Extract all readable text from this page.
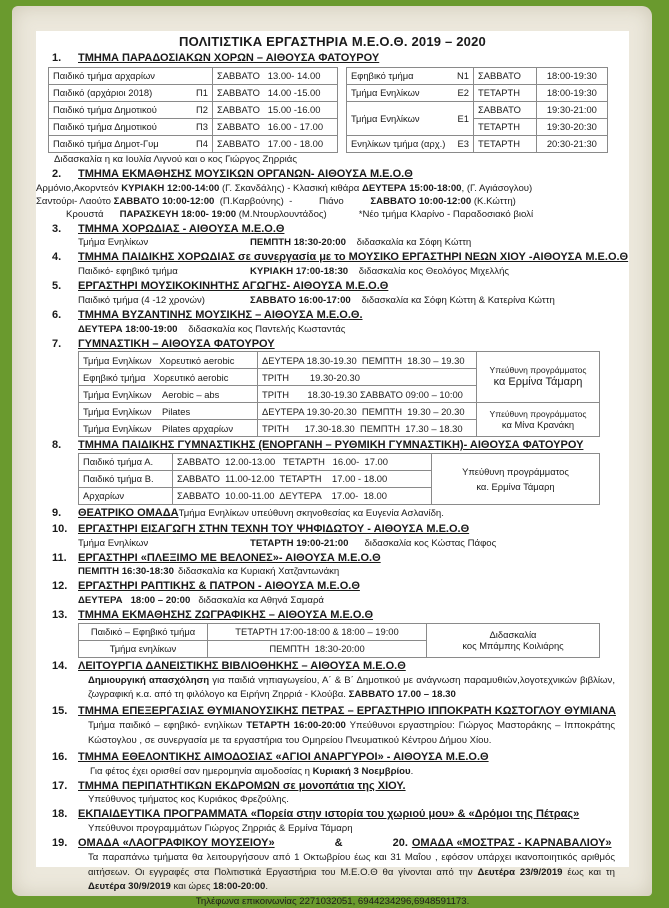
ΠΟΛΙΤΙΣΤΙΚΑ ΕΡΓΑΣΤΗΡΙΑ Μ.Ε.Ο.Θ. 2019 – 2020
1.	ΤΜΗΜΑ ΠΑΡΑΔΟΣΙΑΚΩΝ ΧΟΡΩΝ – ΑΙΘΟΥΣΑ ΦΑΤΟΥΡΟΥ
Παιδικό τμήμα αρχαρίων	ΣΑΒΒΑΤΟ 13.00- 14.00
Παιδικό (αρχάριοι 2018) Π1	ΣΑΒΒΑΤΟ 14.00 -15.00
Παιδικό τμήμα Δημοτικού Π2	ΣΑΒΒΑΤΟ 15.00 -16.00
Παιδικό τμήμα Δημοτικού Π3	ΣΑΒΒΑΤΟ 16.00 - 17.00
Παιδικό τμήμα Δημοτ-Γυμ Π4	ΣΑΒΒΑΤΟ 17.00 - 18.00
Εφηβικό τμήμα Ν1	ΣΑΒΒΑΤΟ	18:00-19:30
Τμήμα Ενηλίκων Ε2	ΤΕΤΑΡΤΗ	18:00-19:30
Τμήμα Ενηλίκων Ε1	ΣΑΒΒΑΤΟ	19:30-21:00
	ΤΕΤΑΡΤΗ	19:30-20:30
Ενηλίκων τμήμα (αρχ.) Ε3	ΤΕΤΑΡΤΗ	20:30-21:30
Διδασκαλία η κα Ιουλία Λιγνού και ο κος Γιώργος Ζηρριάς
2.	ΤΜΗΜΑ ΕΚΜΑΘΗΣΗΣ ΜΟΥΣΙΚΩΝ ΟΡΓΑΝΩΝ- ΑΙΘΟΥΣΑ Μ.Ε.Ο.Θ
Αρμόνιο,Ακορντεόν ΚΥΡΙΑΚΗ 12:00-14:00 (Γ. Σκανδάλης) - Κλασική κιθάρα ΔΕΥΤΕΡΑ 15:00-18:00, (Γ. Αγιάσογλου)
Σαντούρι- Λαούτο ΣΑΒΒΑΤΟ 10:00-12:00  (Π.Καρβούνης)  -          Πιάνο          ΣΑΒΒΑΤΟ 10:00-12:00 (Κ.Κώττη)
Κρουστά      ΠΑΡΑΣΚΕΥΗ 18:00- 19:00 (Μ.Ντουρλουντάδος)	*Νέο τμήμα Κλαρίνο - Παραδοσιακό βιολί
3.	ΤΜΗΜΑ ΧΟΡΩΔΙΑΣ - ΑΙΘΟΥΣΑ Μ.Ε.Ο.Θ
Τμήμα Ενηλίκων	ΠΕΜΠΤΗ 18:30-20:00 διδασκαλία κα Σόφη Κώττη
4.	ΤΜΗΜΑ ΠΑΙΔΙΚΗΣ ΧΟΡΩΔΙΑΣ σε συνεργασία με το ΜΟΥΣΙΚΟ ΕΡΓΑΣΤΗΡΙ ΝΕΩΝ ΧΙΟΥ -ΑΙΘΟΥΣΑ Μ.Ε.Ο.Θ
Παιδικό- εφηβικό τμήμα	ΚΥΡΙΑΚΗ 17:00-18:30 διδασκαλία κος Θεολόγος Μιχελλής
5.	ΕΡΓΑΣΤΗΡΙ ΜΟΥΣΙΚΟΚΙΝΗΤΗΣ ΑΓΩΓΗΣ- ΑΙΘΟΥΣΑ Μ.Ε.Ο.Θ
Παιδικό τμήμα (4 -12 χρονών)	ΣΑΒΒΑΤΟ 16:00-17:00 διδασκαλία κα Σόφη Κώττη & Κατερίνα Κώττη
6.	ΤΜΗΜΑ ΒΥΖΑΝΤΙΝΗΣ ΜΟΥΣΙΚΗΣ – ΑΙΘΟΥΣΑ Μ.Ε.Ο.Θ.
ΔΕΥΤΕΡΑ 18:00-19:00 διδασκαλία κος Παντελής Κωσταντάς
7.	ΓΥΜΝΑΣΤΙΚΗ – ΑΙΘΟΥΣΑ ΦΑΤΟΥΡΟΥ
Τμήμα Ενηλίκων   Χορευτικό aerobic	ΔΕΥΤΕΡΑ 18.30-19.30  ΠΕΜΠΤΗ  18.30 – 19.30	Υπεύθυνη προγράμματος
κα Ερμίνα Τάμαρη

Εφηβικό τμήμα   Χορευτικό aerobic	ΤΡΙΤΗ        19.30-20.30	
Τμήμα Ενηλίκων    Aerobic – abs	ΤΡΙΤΗ       18.30-19.30 ΣΑΒΒΑΤΟ 09:00 – 10:00	
Τμήμα Ενηλίκων    Pilates	ΔΕΥΤΕΡΑ 19.30-20.30  ΠΕΜΠΤΗ  19.30 – 20.30	Υπεύθυνη προγράμματος
κα Μίνα Κρανάκη

Τμήμα Ενηλίκων    Pilates αρχαρίων	ΤΡΙΤΗ      17.30-18.30  ΠΕΜΠΤΗ  17.30 – 18.30	
8.	ΤΜΗΜΑ ΠΑΙΔΙΚΗΣ ΓΥΜΝΑΣΤΙΚΗΣ (ΕΝΟΡΓΑΝΗ – ΡΥΘΜΙΚΗ ΓΥΜΝΑΣΤΙΚΗ)- ΑΙΘΟΥΣΑ ΦΑΤΟΥΡΟΥ
Παιδικό τμήμα Α.	ΣΑΒΒΑΤΟ  12.00-13.00   ΤΕΤΑΡΤΗ   16.00-  17.00	Υπεύθυνη προγράμματος
κα. Ερμίνα Τάμαρη

Παιδικό τμήμα Β.	ΣΑΒΒΑΤΟ  11.00-12.00  ΤΕΤΑΡΤΗ    17.00 - 18.00	
Αρχαρίων	ΣΑΒΒΑΤΟ  10.00-11.00  ΔΕΥΤΕΡΑ    17.00-  18.00	
9.	ΘΕΑΤΡΙΚΟ ΟΜΑΔΑ Τμήμα Ενηλίκων υπεύθυνη σκηνοθεσίας κα Ευγενία Ασλανίδη.
10. ΕΡΓΑΣΤΗΡΙ ΕΙΣΑΓΩΓΗ ΣΤΗΝ ΤΕΧΝΗ ΤΟΥ ΨΗΦΙΔΩΤΟΥ - ΑΙΘΟΥΣΑ Μ.Ε.Ο.Θ
Τμήμα Ενηλίκων	ΤΕΤΑΡΤΗ 19:00-21:00 διδασκαλία κος Κώστας Πάφος
11.	ΕΡΓΑΣΤΗΡΙ «ΠΛΕΞΙΜΟ ΜΕ ΒΕΛΟΝΕΣ»- ΑΙΘΟΥΣΑ Μ.Ε.Ο.Θ
ΠΕΜΠΤΗ 16:30-18:30 διδασκαλία κα Κυριακή Χατζαντωνάκη
12. ΕΡΓΑΣΤΗΡΙ ΡΑΠΤΙΚΗΣ & ΠΑΤΡΟΝ - ΑΙΘΟΥΣΑ Μ.Ε.Ο.Θ
ΔΕΥΤΕΡΑ   18:00 – 20:00 διδασκαλία κα Αθηνά Σαμαρά
13. ΤΜΗΜΑ ΕΚΜΑΘΗΣΗΣ ΖΩΓΡΑΦΙΚΗΣ – ΑΙΘΟΥΣΑ Μ.Ε.Ο.Θ
Παιδικό – Εφηβικό τμήμα	ΤΕΤΑΡΤΗ 17:00-18:00 & 18:00 – 19:00	Διδασκαλία
κος Μπάμπης Κοιλιάρης

Τμήμα ενηλίκων	ΠΕΜΠΤΗ  18:30-20:00	
14. ΛΕΙΤΟΥΡΓΙΑ ΔΑΝΕΙΣΤΙΚΗΣ ΒΙΒΛΙΟΘΗΚΗΣ – ΑΙΘΟΥΣΑ Μ.Ε.Ο.Θ
Δημιουργική απασχόληση για παιδιά νηπιαγωγείου, Α΄ & Β΄ Δημοτικού με ανάγνωση παραμυθιών,λογοτεχνικών βιβλίων, ζωγραφική κ.α. από τη φιλόλογο κα Ειρήνη Ζηρριά - Κλούβα. ΣΑΒΒΑΤΟ 17.00 – 18.30
15. ΤΜΗΜΑ ΕΠΕΞΕΡΓΑΣΙΑΣ ΘΥΜΙΑΝΟΥΣΙΚΗΣ ΠΕΤΡΑΣ – ΕΡΓΑΣΤΗΡΙΟ ΙΠΠΟΚΡΑΤΗ ΚΩΣΤΟΓΛΟΥ ΘΥΜΙΑΝΑ
Τμήμα παιδικό – εφηβικό- ενηλίκων ΤΕΤΑΡΤΗ 16:00-20:00 Υπεύθυνοι εργαστηρίου: Γιώργος Μαστοράκης – Ιπποκράτης Κώστογλου , σε συνεργασία με τα εργαστήρια του Ομηρείου Πνευματικού Κέντρου Δήμου Χίου.
16. ΤΜΗΜΑ ΕΘΕΛΟΝΤΙΚΗΣ ΑΙΜΟΔΟΣΙΑΣ «ΑΓΙΟΙ ΑΝΑΡΓΥΡΟΙ» - ΑΙΘΟΥΣΑ Μ.Ε.Ο.Θ
Για φέτος έχει ορισθεί σαν ημερομηνία αιμοδοσίας η Κυριακή 3 Νοεμβρίου.
17. ΤΜΗΜΑ ΠΕΡΙΠΑΤΗΤΙΚΩΝ ΕΚΔΡΟΜΩΝ σε μονοπάτια της ΧΙΟΥ.
Υπεύθυνος τμήματος κος Κυριάκος Φρεζούλης.
18. ΕΚΠΑΙΔΕΥΤΙΚΑ ΠΡΟΓΡΑΜΜΑΤΑ «Πορεία στην ιστορία του χωριού μου» & «Δρόμοι της Πέτρας»
Υπεύθυνοι προγραμμάτων Γιώργος Ζηρριάς & Ερμίνα Τάμαρη
19. ΟΜΑΔΑ «ΛΑΟΓΡΑΦΙΚΟΥ ΜΟΥΣΕΙΟΥ»	&	20. ΟΜΑΔΑ «ΜΟΣΤΡΑΣ - ΚΑΡΝΑΒΑΛΙΟΥ»
Τα παραπάνω τμήματα θα λειτουργήσουν από 1 Οκτωβρίου έως και 31 Μαΐου , εφόσον υπάρχει ικανοποιητικός αριθμός αιτήσεων. Οι εγγραφές στα Πολιτιστικά Εργαστήρια του Μ.Ε.Ο.Θ θα γίνονται από την Δευτέρα 23/9/2019 έως και τη Δευτέρα 30/9/2019 και ώρες 18:00-20:00.
Τηλέφωνα επικοινωνίας 2271032051, 6944234296,6948591173.
